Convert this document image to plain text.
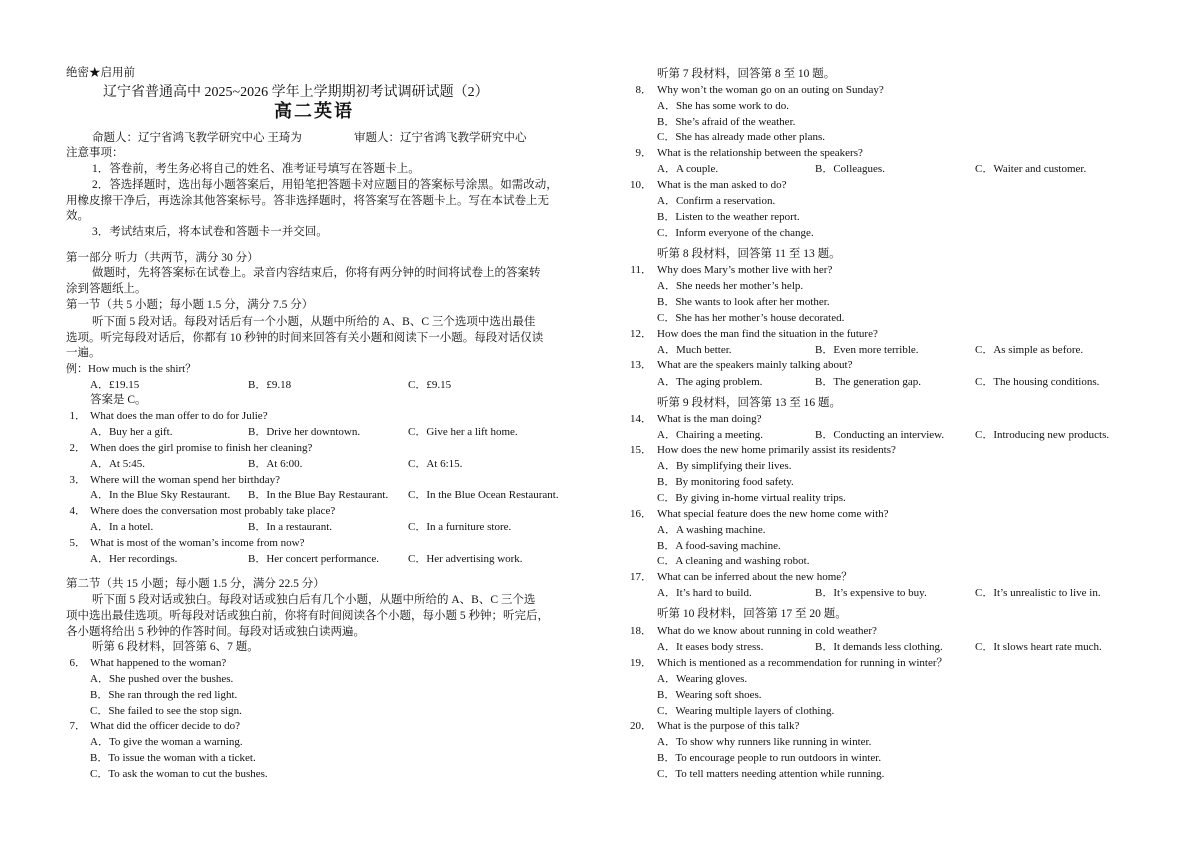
绝密★启用前
辽宁省普通高中 2025~2026 学年上学期期初考试调研试题（2）
高二英语
命题人：辽宁省鸿飞教学研究中心 王琦为	审题人：辽宁省鸿飞教学研究中心
注意事项：
1．答卷前，考生务必将自己的姓名、准考证号填写在答题卡上。
2．答选择题时，选出每小题答案后，用铅笔把答题卡对应题目的答案标号涂黑。如需改动，
用橡皮擦干净后，再选涂其他答案标号。答非选择题时，将答案写在答题卡上。写在本试卷上无
效。
3．考试结束后，将本试卷和答题卡一并交回。
第一部分 听力（共两节，满分 30 分）
做题时，先将答案标在试卷上。录音内容结束后，你将有两分钟的时间将试卷上的答案转
涂到答题纸上。
第一节（共 5 小题；每小题 1.5 分，满分 7.5 分）
听下面 5 段对话。每段对话后有一个小题，从题中所给的 A、B、C 三个选项中选出最佳
选项。听完每段对话后，你都有 10 秒钟的时间来回答有关小题和阅读下一小题。每段对话仅读
一遍。
例：How much is the shirt？
A．£19.15	B．£9.18	C．£9.15
答案是 C。
1． What does the man offer to do for Julie?
A．Buy her a gift.	B．Drive her downtown.	C．Give her a lift home.
2． When does the girl promise to finish her cleaning?
A．At 5:45.	B．At 6:00.	C．At 6:15.
3． Where will the woman spend her birthday?
A．In the Blue Sky Restaurant. B．In the Blue Bay Restaurant. C．In the Blue Ocean Restaurant.
4． Where does the conversation most probably take place?
A．In a hotel.	B．In a restaurant.	C．In a furniture store.
5． What is most of the woman’s income from now?
A．Her recordings.	B．Her concert performance.	C．Her advertising work.
第二节（共 15 小题；每小题 1.5 分，满分 22.5 分）
听下面 5 段对话或独白。每段对话或独白后有几个小题，从题中所给的 A、B、C 三个选
项中选出最佳选项。听每段对话或独白前，你将有时间阅读各个小题，每小题 5 秒钟；听完后，
各小题将给出 5 秒钟的作答时间。每段对话或独白读两遍。
听第 6 段材料，回答第 6、7 题。
6． What happened to the woman?
A．She pushed over the bushes.
B．She ran through the red light.
C．She failed to see the stop sign.
7． What did the officer decide to do?
A．To give the woman a warning.
B．To issue the woman with a ticket.
C．To ask the woman to cut the bushes.
听第 7 段材料，回答第 8 至 10 题。
8． Why won’t the woman go on an outing on Sunday?
A．She has some work to do.
B．She’s afraid of the weather.
C．She has already made other plans.
9． What is the relationship between the speakers?
A．A couple.	B．Colleagues.	C．Waiter and customer.
10． What is the man asked to do?
A．Confirm a reservation.
B．Listen to the weather report.
C．Inform everyone of the change.
听第 8 段材料，回答第 11 至 13 题。
11． Why does Mary’s mother live with her?
A．She needs her mother’s help.
B．She wants to look after her mother.
C．She has her mother’s house decorated.
12． How does the man find the situation in the future?
A．Much better.	B．Even more terrible.	C．As simple as before.
13． What are the speakers mainly talking about?
A．The aging problem.	B．The generation gap.	C．The housing conditions.
听第 9 段材料，回答第 13 至 16 题。
14． What is the man doing?
A．Chairing a meeting.	B．Conducting an interview.	C．Introducing new products.
15． How does the new home primarily assist its residents?
A．By simplifying their lives.
B．By monitoring food safety.
C．By giving in-home virtual reality trips.
16． What special feature does the new home come with?
A．A washing machine.
B．A food-saving machine.
C．A cleaning and washing robot.
17． What can be inferred about the new home？
A．It’s hard to build.	B．It’s expensive to buy.	C．It’s unrealistic to live in.
听第 10 段材料，回答第 17 至 20 题。
18． What do we know about running in cold weather?
A．It eases body stress.	B．It demands less clothing.	C．It slows heart rate much.
19． Which is mentioned as a recommendation for running in winter？
A．Wearing gloves.
B．Wearing soft shoes.
C．Wearing multiple layers of clothing.
20． What is the purpose of this talk?
A．To show why runners like running in winter.
B．To encourage people to run outdoors in winter.
C．To tell matters needing attention while running.
